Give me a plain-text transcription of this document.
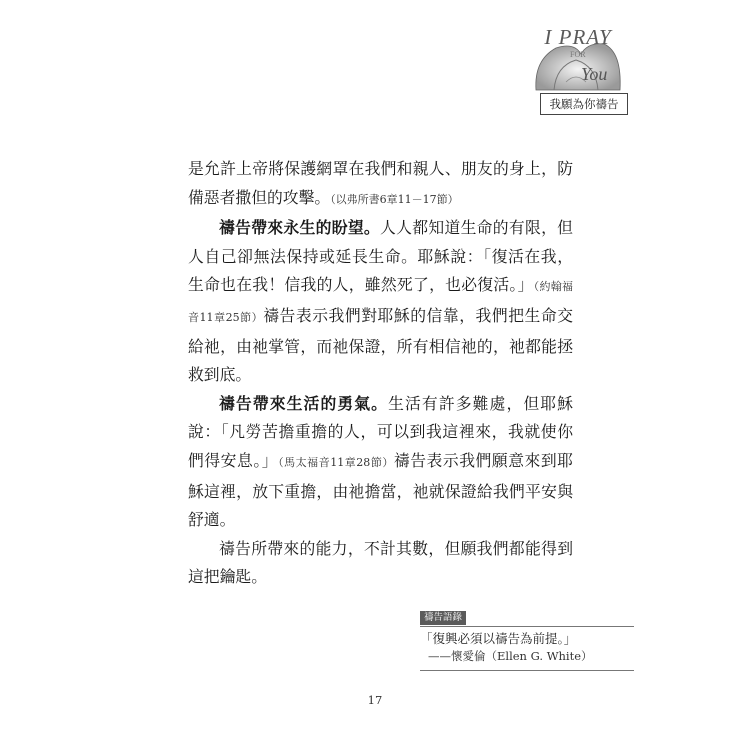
I PRAY
FOR
You
我願為你禱告

是允許上帝將保護網罩在我們和親人、朋友的身上，防備惡者撒但的攻擊。（以弗所書6章11－17節）

禱告帶來永生的盼望。人人都知道生命的有限，但人自己卻無法保持或延長生命。耶穌說：「復活在我，生命也在我！信我的人，雖然死了，也必復活。」（約翰福音11章25節）禱告表示我們對耶穌的信靠，我們把生命交給祂，由祂掌管，而祂保證，所有相信祂的，祂都能拯救到底。

禱告帶來生活的勇氣。生活有許多難處，但耶穌說：「凡勞苦擔重擔的人，可以到我這裡來，我就使你們得安息。」（馬太福音11章28節）禱告表示我們願意來到耶穌這裡，放下重擔，由祂擔當，祂就保證給我們平安與舒適。

禱告所帶來的能力，不計其數，但願我們都能得到這把鑰匙。

禱告語錄
「復興必須以禱告為前提。」
——懷愛倫（Ellen G. White）
17
